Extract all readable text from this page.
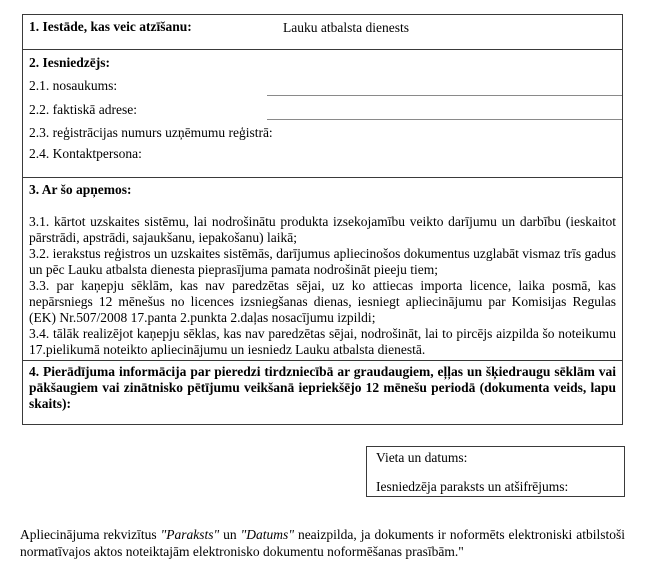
1. Iestāde, kas veic atzīšanu:	Lauku atbalsta dienests
2. Iesniedzējs:
2.1. nosaukums:
2.2. faktiskā adrese:
2.3. reģistrācijas numurs uzņēmumu reģistrā:
2.4. Kontaktpersona:
3. Ar šo apņemos:

3.1. kārtot uzskaites sistēmu, lai nodrošinātu produkta izsekojamību veikto darījumu un darbību (ieskaitot pārstrādi, apstrādi, sajaukšanu, iepakošanu) laikā;

3.2. ierakstus reģistros un uzskaites sistēmās, darījumus apliecinošos dokumentus uzglabāt vismaz trīs gadus un pēc Lauku atbalsta dienesta pieprasījuma pamata nodrošināt pieeju tiem;

3.3. par kaņepju sēklām, kas nav paredzētas sējai, uz ko attiecas importa licence, laika posmā, kas nepārsniegs 12 mēnešus no licences izsniegšanas dienas, iesniegt apliecinājumu par Komisijas Regulas (EK) Nr.507/2008 17.panta 2.punkta 2.daļas nosacījumu izpildi;

3.4. tālāk realizējot kaņepju sēklas, kas nav paredzētas sējai, nodrošināt, lai to pircējs aizpilda šo noteikumu 17.pielikumā noteikto apliecinājumu un iesniedz Lauku atbalsta dienestā.

4. Pierādījuma informācija par pieredzi tirdzniecībā ar graudaugiem, eļļas un šķiedraugu sēklām vai pākšaugiem vai zinātnisko pētījumu veikšanā iepriekšējo 12 mēnešu periodā (dokumenta veids, lapu skaits):
Vieta un datums:
Iesniedzēja paraksts un atšifrējums:
Apliecinājuma rekvizītus "Paraksts" un "Datums" neaizpilda, ja dokuments ir noformēts elektroniski atbilstoši normatīvajos aktos noteiktajām elektronisko dokumentu noformēšanas prasībām."
